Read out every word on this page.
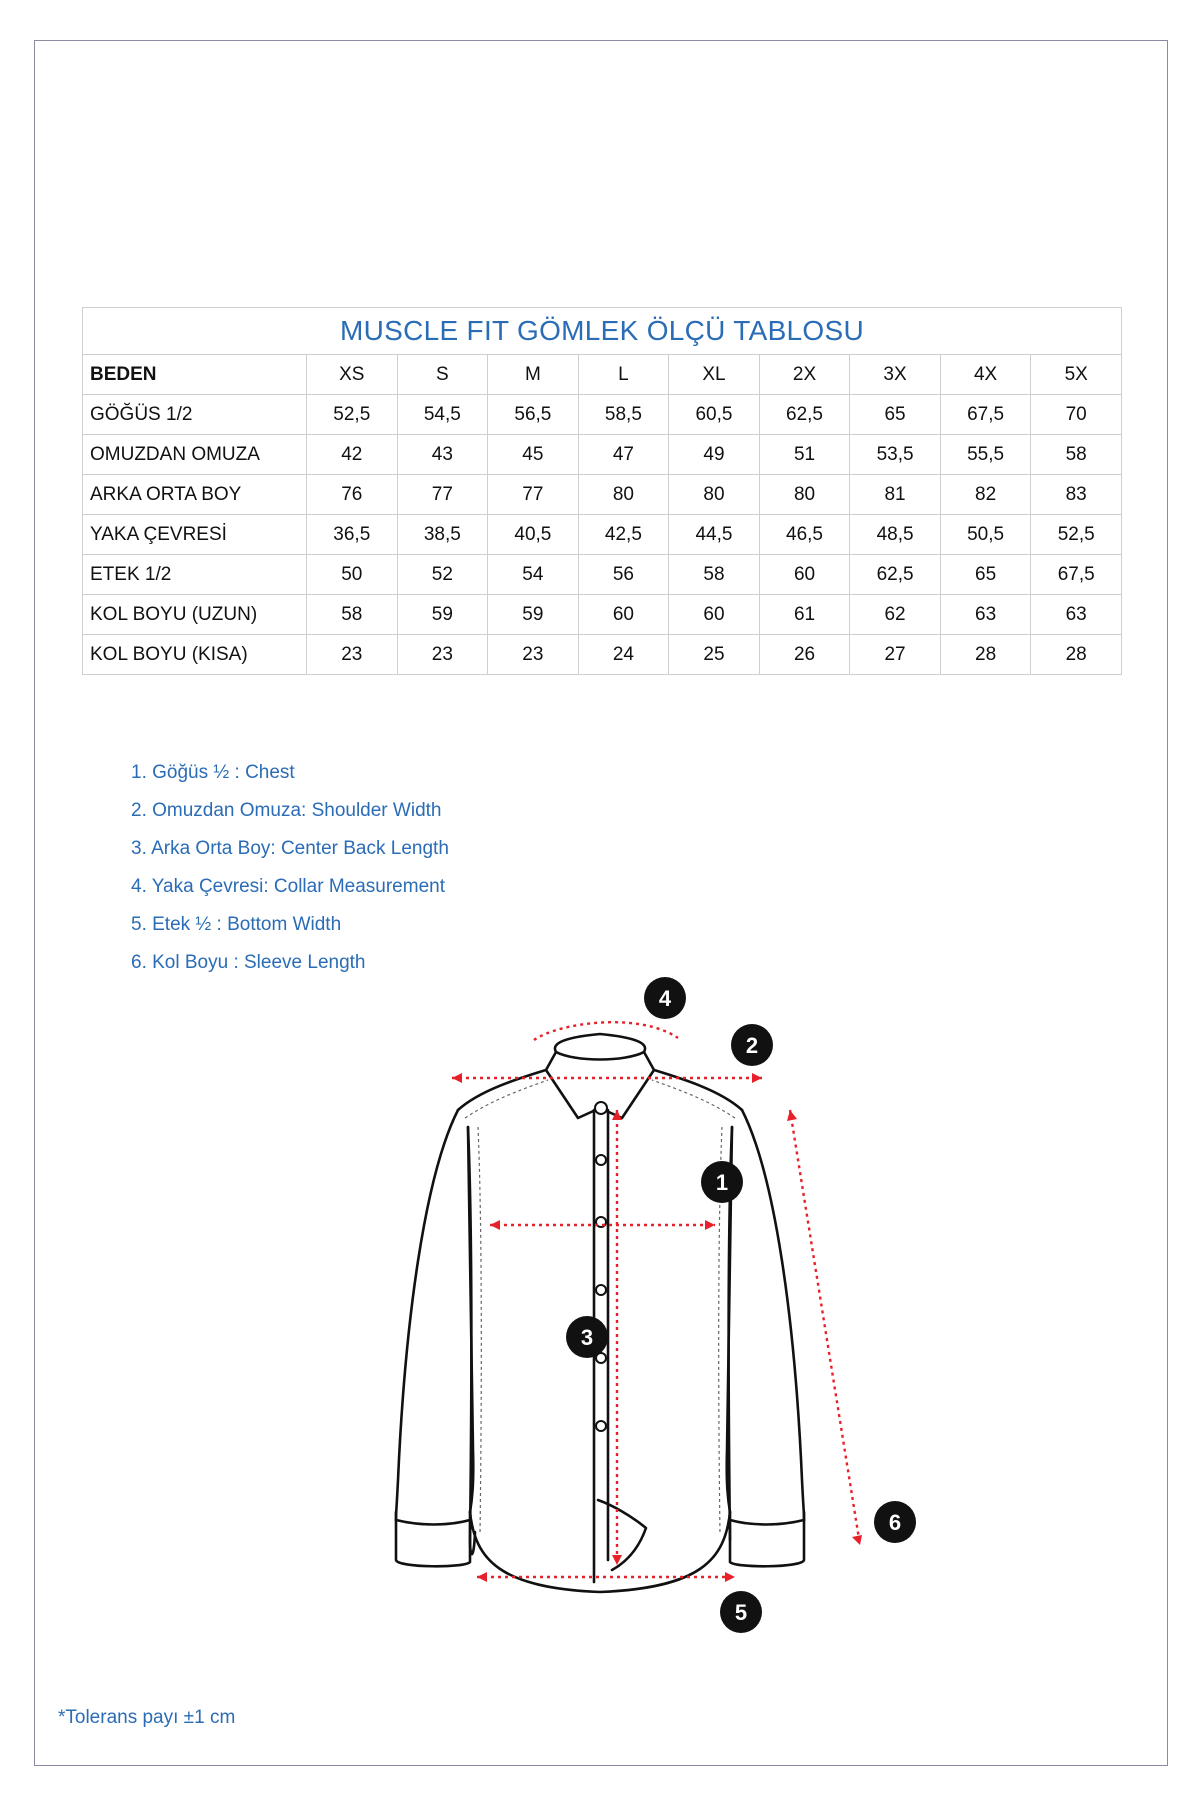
MUSCLE FIT GÖMLEK ÖLÇÜ TABLOSU									
BEDEN	XS	S	M	L	XL	2X	3X	4X	5X
GÖĞÜS 1/2	52,5	54,5	56,5	58,5	60,5	62,5	65	67,5	70
OMUZDAN OMUZA	42	43	45	47	49	51	53,5	55,5	58
ARKA ORTA BOY	76	77	77	80	80	80	81	82	83
YAKA ÇEVRESİ	36,5	38,5	40,5	42,5	44,5	46,5	48,5	50,5	52,5
ETEK 1/2	50	52	54	56	58	60	62,5	65	67,5
KOL BOYU (UZUN)	58	59	59	60	60	61	62	63	63
KOL BOYU (KISA)	23	23	23	24	25	26	27	28	28
1. Göğüs ½ : Chest
2. Omuzdan Omuza: Shoulder Width
3. Arka Orta Boy: Center Back Length
4. Yaka Çevresi: Collar Measurement
5. Etek ½ : Bottom Width
6. Kol Boyu : Sleeve Length
1
2
3
4
5
6
*Tolerans payı ±1 cm
